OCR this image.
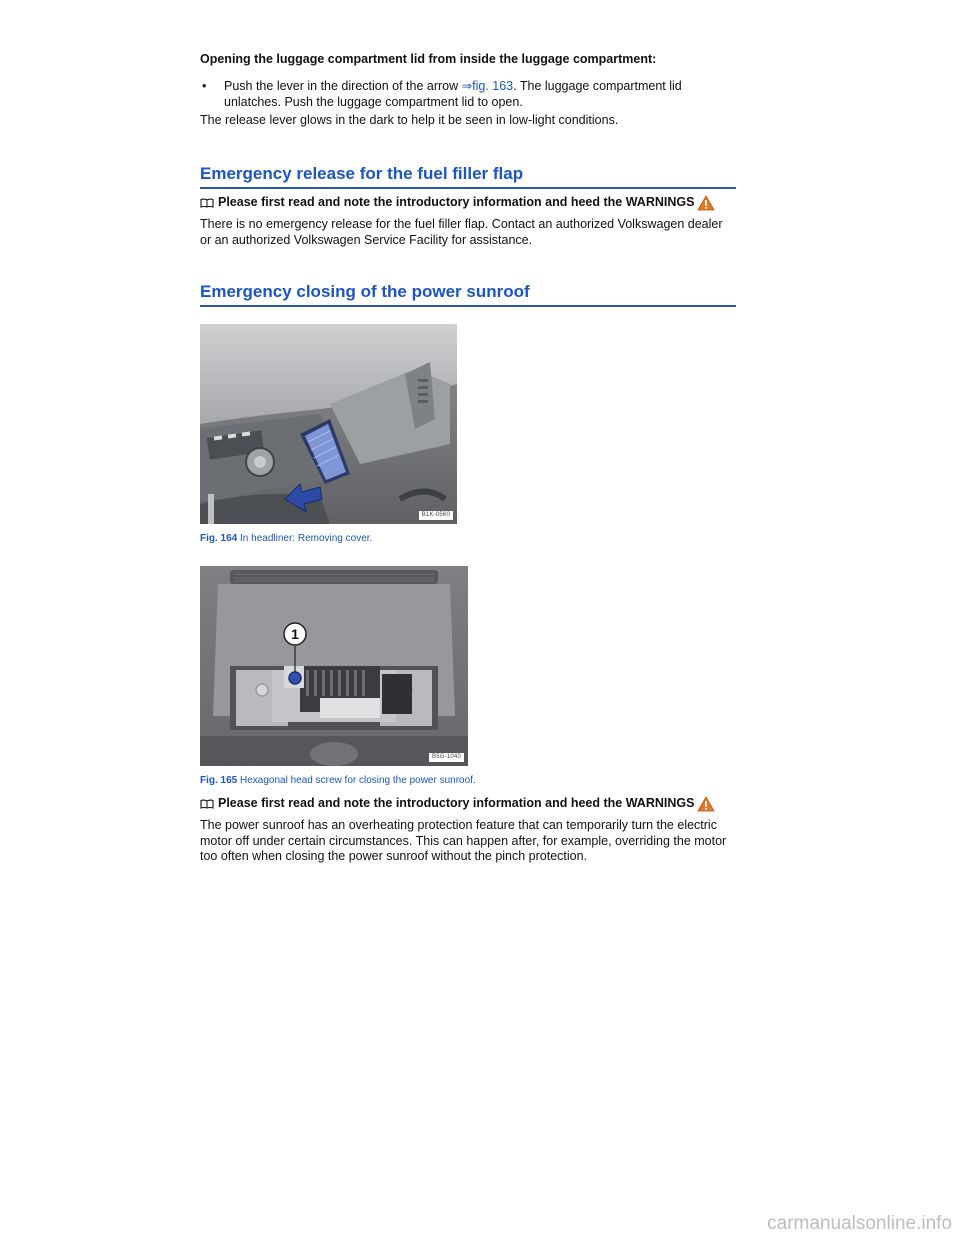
Opening the luggage compartment lid from inside the luggage compartment:

•	Push the lever in the direction of the arrow ⇒fig. 163. The luggage compartment lid unlatches. Push the luggage compartment lid to open.

The release lever glows in the dark to help it be seen in low-light conditions.

Emergency release for the fuel filler flap
Please first read and note the introductory information and heed the WARNINGS

There is no emergency release for the fuel filler flap. Contact an authorized Volkswagen dealer or an authorized Volkswagen Service Facility for assistance.

Emergency closing of the power sunroof
B1K-0560
Fig. 164 In headliner: Removing cover.
1
B5G-1040
Fig. 165 Hexagonal head screw for closing the power sunroof.
Please first read and note the introductory information and heed the WARNINGS

The power sunroof has an overheating protection feature that can temporarily turn the electric motor off under certain circumstances. This can happen after, for example, overriding the motor too often when closing the power sunroof without the pinch protection.

carmanualsonline.info
